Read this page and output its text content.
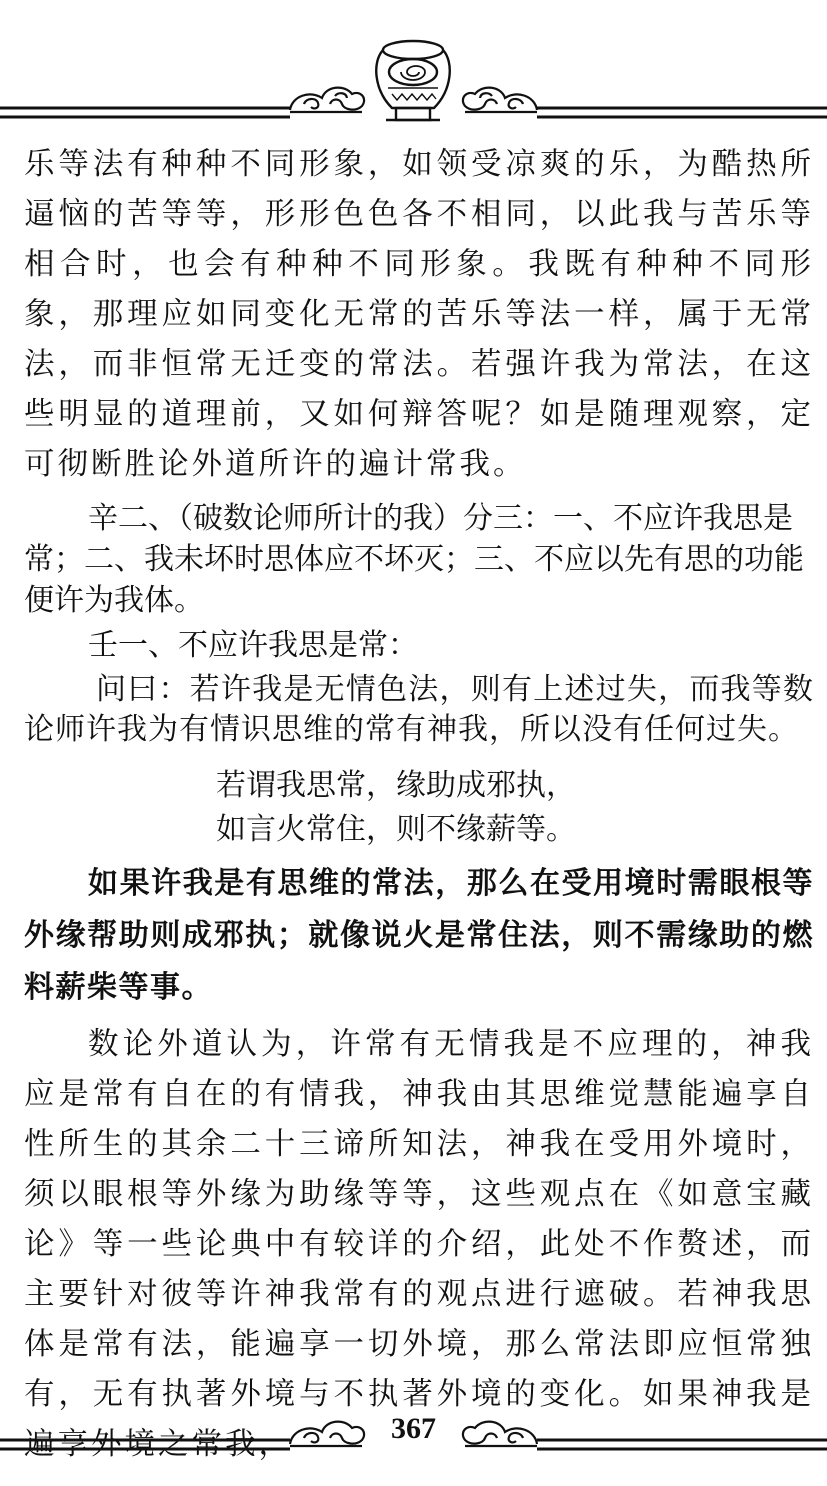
乐等法有种种不同形象，如领受凉爽的乐，为酷热所逼恼的苦等等，形形色色各不相同，以此我与苦乐等相合时，也会有种种不同形象。我既有种种不同形象，那理应如同变化无常的苦乐等法一样，属于无常法，而非恒常无迁变的常法。若强许我为常法，在这些明显的道理前，又如何辩答呢？如是随理观察，定可彻断胜论外道所许的遍计常我。

辛二、（破数论师所计的我）分三：一、不应许我思是常；二、我未坏时思体应不坏灭；三、不应以先有思的功能便许为我体。

壬一、不应许我思是常：

问曰：若许我是无情色法，则有上述过失，而我等数论师许我为有情识思维的常有神我，所以没有任何过失。

若谓我思常，缘助成邪执，

如言火常住，则不缘薪等。

如果许我是有思维的常法，那么在受用境时需眼根等外缘帮助则成邪执；就像说火是常住法，则不需缘助的燃料薪柴等事。

数论外道认为，许常有无情我是不应理的，神我应是常有自在的有情我，神我由其思维觉慧能遍享自性所生的其余二十三谛所知法，神我在受用外境时，须以眼根等外缘为助缘等等，这些观点在《如意宝藏论》等一些论典中有较详的介绍，此处不作赘述，而主要针对彼等许神我常有的观点进行遮破。若神我思体是常有法，能遍享一切外境，那么常法即应恒常独有，无有执著外境与不执著外境的变化。如果神我是遍享外境之常我，	367
